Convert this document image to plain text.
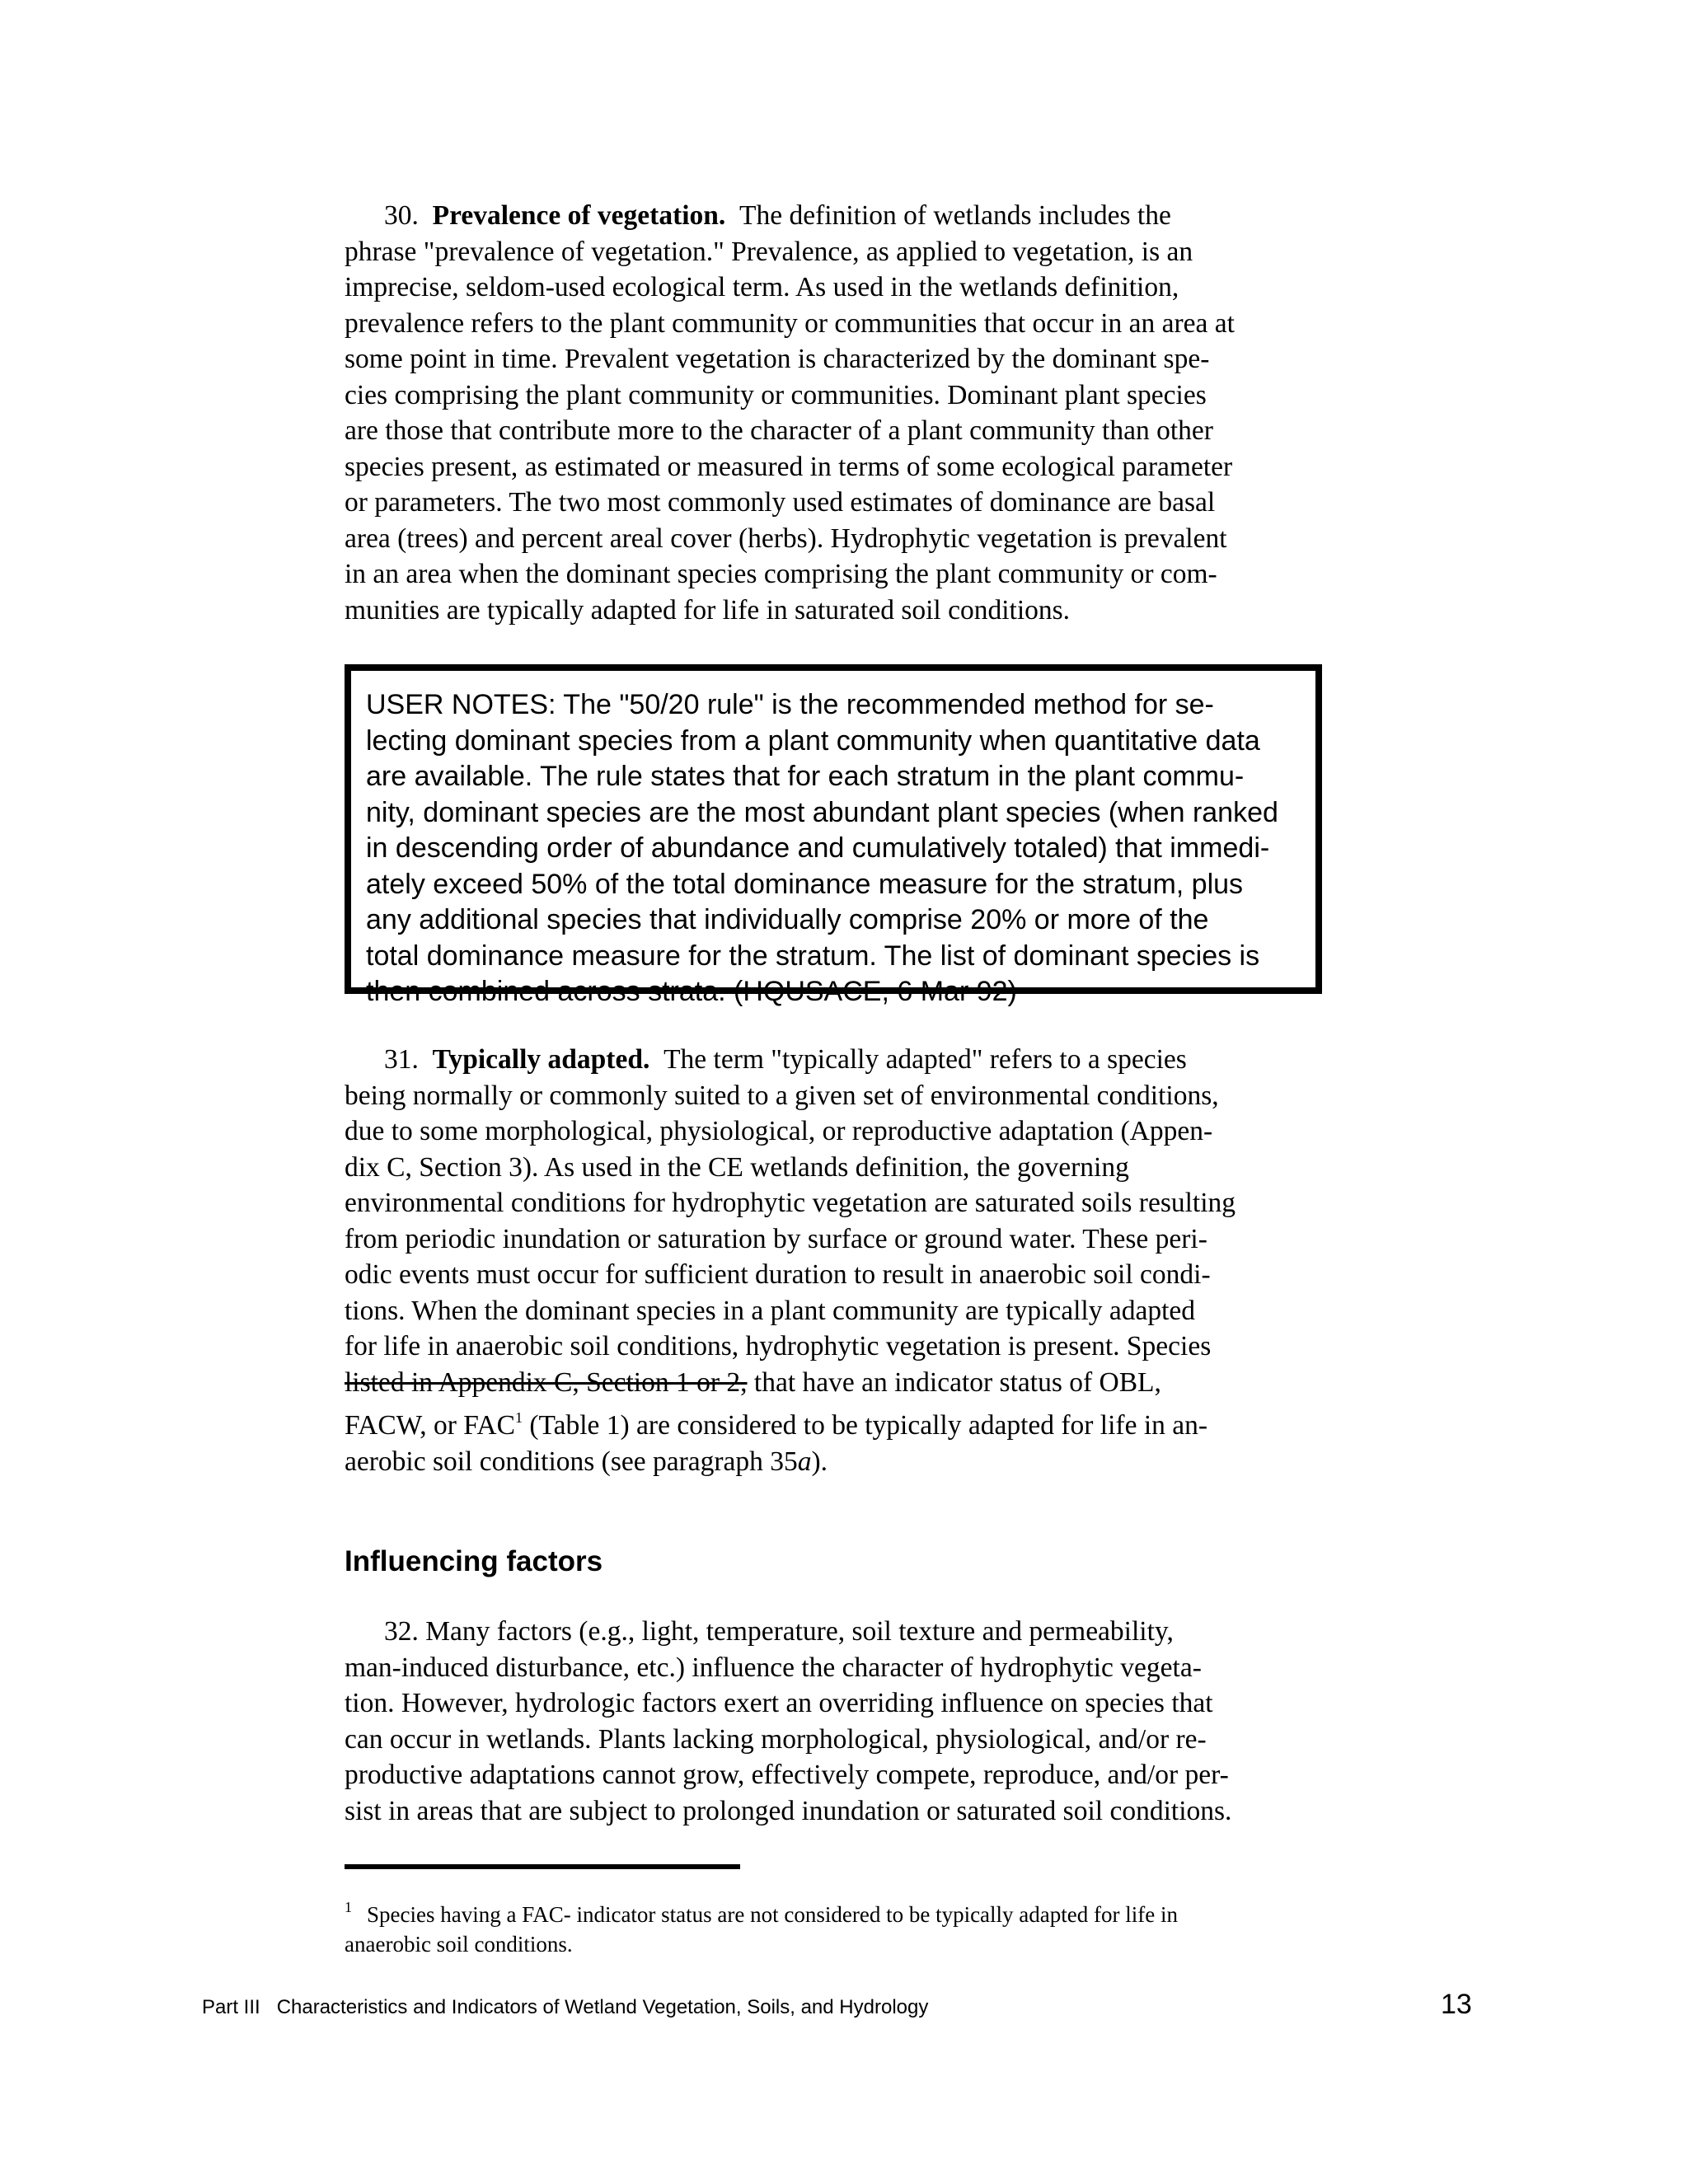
30. Prevalence of vegetation. The definition of wetlands includes the
phrase "prevalence of vegetation." Prevalence, as applied to vegetation, is an
imprecise, seldom-used ecological term. As used in the wetlands definition,
prevalence refers to the plant community or communities that occur in an area at
some point in time. Prevalent vegetation is characterized by the dominant spe-
cies comprising the plant community or communities. Dominant plant species
are those that contribute more to the character of a plant community than other
species present, as estimated or measured in terms of some ecological parameter
or parameters. The two most commonly used estimates of dominance are basal
area (trees) and percent areal cover (herbs). Hydrophytic vegetation is prevalent
in an area when the dominant species comprising the plant community or com-
munities are typically adapted for life in saturated soil conditions.
USER NOTES: The "50/20 rule" is the recommended method for se-
lecting dominant species from a plant community when quantitative data
are available. The rule states that for each stratum in the plant commu-
nity, dominant species are the most abundant plant species (when ranked
in descending order of abundance and cumulatively totaled) that immedi-
ately exceed 50% of the total dominance measure for the stratum, plus
any additional species that individually comprise 20% or more of the
total dominance measure for the stratum. The list of dominant species is
then combined across strata. (HQUSACE, 6 Mar 92)
31. Typically adapted. The term "typically adapted" refers to a species
being normally or commonly suited to a given set of environmental conditions,
due to some morphological, physiological, or reproductive adaptation (Appen-
dix C, Section 3). As used in the CE wetlands definition, the governing
environmental conditions for hydrophytic vegetation are saturated soils resulting
from periodic inundation or saturation by surface or ground water. These peri-
odic events must occur for sufficient duration to result in anaerobic soil condi-
tions. When the dominant species in a plant community are typically adapted
for life in anaerobic soil conditions, hydrophytic vegetation is present. Species
listed in Appendix C, Section 1 or 2, that have an indicator status of OBL,
FACW, or FAC$^1$ (Table 1) are considered to be typically adapted for life in an-
aerobic soil conditions (see paragraph 35a).
Influencing factors
32. Many factors (e.g., light, temperature, soil texture and permeability,
man-induced disturbance, etc.) influence the character of hydrophytic vegeta-
tion. However, hydrologic factors exert an overriding influence on species that
can occur in wetlands. Plants lacking morphological, physiological, and/or re-
productive adaptations cannot grow, effectively compete, reproduce, and/or per-
sist in areas that are subject to prolonged inundation or saturated soil conditions.
$^1$ Species having a FAC- indicator status are not considered to be typically adapted for life in
anaerobic soil conditions.
Part III Characteristics and Indicators of Wetland Vegetation, Soils, and Hydrology	13
